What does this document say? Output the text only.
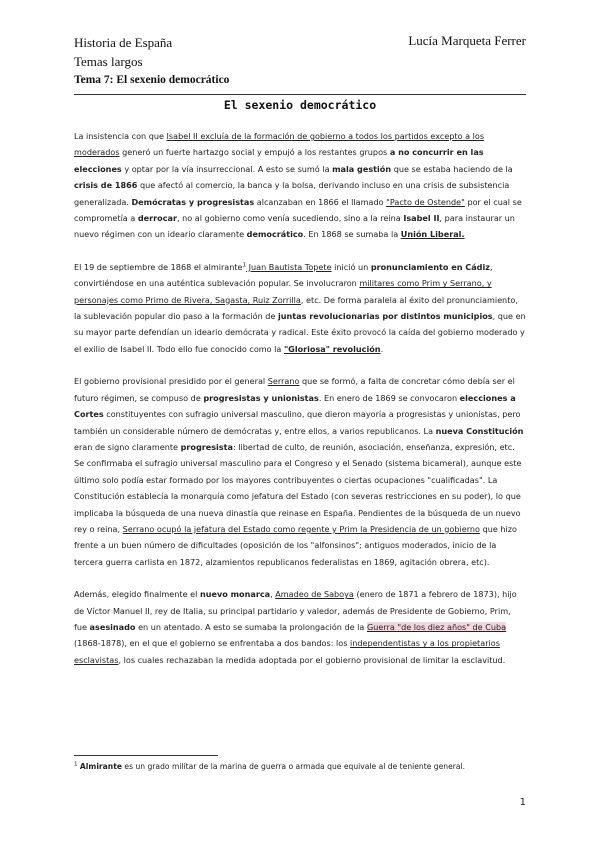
Historia de España
Temas largos
Tema 7: El sexenio democrático
Lucía Marqueta Ferrer
El sexenio democrático

La insistencia con que Isabel II excluía de la formación de gobierno a todos los partidos excepto a los moderados generó un fuerte hartazgo social y empujó a los restantes grupos a no concurrir en las elecciones y optar por la vía insurreccional. A esto se sumó la mala gestión que se estaba haciendo de la crisis de 1866 que afectó al comercio, la banca y la bolsa, derivando incluso en una crisis de subsistencia generalizada. Demócratas y progresistas alcanzaban en 1866 el llamado "Pacto de Ostende" por el cual se comprometía a derrocar, no al gobierno como venía sucediendo, sino a la reina Isabel II, para instaurar un nuevo régimen con un ideario claramente democrático. En 1868 se sumaba la Unión Liberal.

El 19 de septiembre de 1868 el almirante$^1$ Juan Bautista Topete inició un pronunciamiento en Cádiz, convirtiéndose en una auténtica sublevación popular. Se involucraron militares como Prim y Serrano, y personajes como Primo de Rivera, Sagasta, Ruiz Zorrilla, etc. De forma paralela al éxito del pronunciamiento, la sublevación popular dio paso a la formación de juntas revolucionarias por distintos municipios, que en su mayor parte defendían un ideario demócrata y radical. Este éxito provocó la caída del gobierno moderado y el exilio de Isabel II. Todo ello fue conocido como la "Gloriosa" revolución.

El gobierno provisional presidido por el general Serrano que se formó, a falta de concretar cómo debía ser el futuro régimen, se compuso de progresistas y unionistas. En enero de 1869 se convocaron elecciones a Cortes constituyentes con sufragio universal masculino, que dieron mayoría a progresistas y unionistas, pero también un considerable número de demócratas y, entre ellos, a varios republicanos. La nueva Constitución eran de signo claramente progresista: libertad de culto, de reunión, asociación, enseñanza, expresión, etc. Se confirmaba el sufragio universal masculino para el Congreso y el Senado (sistema bicameral), aunque este último solo podía estar formado por los mayores contribuyentes o ciertas ocupaciones "cualificadas". La Constitución establecía la monarquía como jefatura del Estado (con severas restricciones en su poder), lo que implicaba la búsqueda de una nueva dinastía que reinase en España. Pendientes de la búsqueda de un nuevo rey o reina, Serrano ocupó la jefatura del Estado como regente y Prim la Presidencia de un gobierno que hizo frente a un buen número de dificultades (oposición de los "alfonsinos"; antiguos moderados, inicio de la tercera guerra carlista en 1872, alzamientos republicanos federalistas en 1869, agitación obrera, etc).

Además, elegido finalmente el nuevo monarca, Amadeo de Saboya (enero de 1871 a febrero de 1873), hijo de Víctor Manuel II, rey de Italia, su principal partidario y valedor, además de Presidente de Gobierno, Prim, fue asesinado en un atentado. A esto se sumaba la prolongación de la Guerra "de los diez años" de Cuba (1868-1878), en el que el gobierno se enfrentaba a dos bandos: los independentistas y a los propietarios esclavistas, los cuales rechazaban la medida adoptada por el gobierno provisional de limitar la esclavitud.

$^1$ Almirante es un grado militar de la marina de guerra o armada que equivale al de teniente general.
1
